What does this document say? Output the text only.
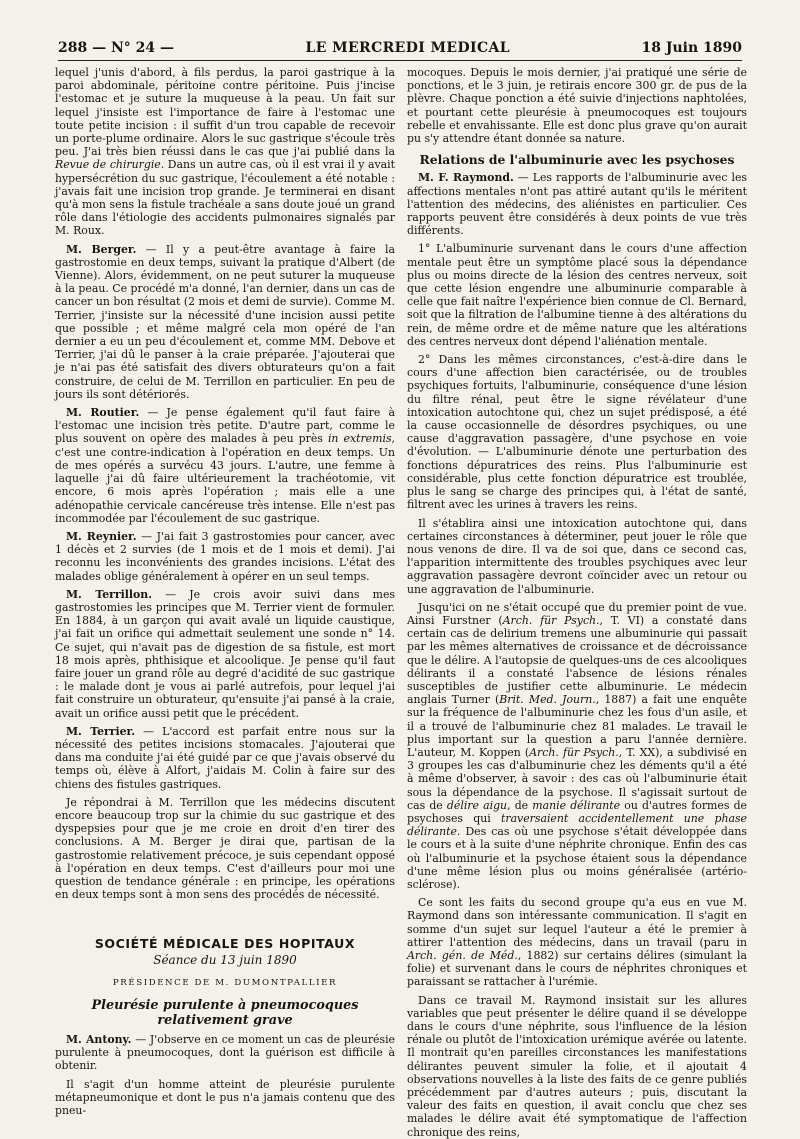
288 — N° 24 —	LE MERCREDI MEDICAL	18 Juin 1890

lequel j'unis d'abord, à fils perdus, la paroi gastrique à la paroi abdominale, péritoine contre péritoine. Puis j'incise l'estomac et je suture la muqueuse à la peau. Un fait sur lequel j'insiste est l'importance de faire à l'estomac une toute petite incision : il suffit d'un trou capable de recevoir un porte-plume ordinaire. Alors le suc gastrique s'écoule très peu. J'ai très bien réussi dans le cas que j'ai publié dans la Revue de chirurgie. Dans un autre cas, où il est vrai il y avait hypersécrétion du suc gastrique, l'écoulement a été notable : j'avais fait une incision trop grande. Je terminerai en disant qu'à mon sens la fistule trachéale a sans doute joué un grand rôle dans l'étiologie des accidents pulmonaires signalés par M. Roux.

M. Berger. — Il y a peut-être avantage à faire la gastrostomie en deux temps, suivant la pratique d'Albert (de Vienne). Alors, évidemment, on ne peut suturer la muqueuse à la peau. Ce procédé m'a donné, l'an dernier, dans un cas de cancer un bon résultat (2 mois et demi de survie). Comme M. Terrier, j'insiste sur la nécessité d'une incision aussi petite que possible ; et même malgré cela mon opéré de l'an dernier a eu un peu d'écoulement et, comme MM. Debove et Terrier, j'ai dû le panser à la craie préparée. J'ajouterai que je n'ai pas été satisfait des divers obturateurs qu'on a fait construire, de celui de M. Terrillon en particulier. En peu de jours ils sont détériorés.

M. Routier. — Je pense également qu'il faut faire à l'estomac une incision très petite. D'autre part, comme le plus souvent on opère des malades à peu près in extremis, c'est une contre-indication à l'opération en deux temps. Un de mes opérés a survécu 43 jours. L'autre, une femme à laquelle j'ai dû faire ultérieurement la trachéotomie, vit encore, 6 mois après l'opération ; mais elle a une adénopathie cervicale cancéreuse très intense. Elle n'est pas incommodée par l'écoulement de suc gastrique.

M. Reynier. — J'ai fait 3 gastrostomies pour cancer, avec 1 décès et 2 survies (de 1 mois et de 1 mois et demi). J'ai reconnu les inconvénients des grandes incisions. L'état des malades oblige généralement à opérer en un seul temps.

M. Terrillon. — Je crois avoir suivi dans mes gastrostomies les principes que M. Terrier vient de formuler. En 1884, à un garçon qui avait avalé un liquide caustique, j'ai fait un orifice qui admettait seulement une sonde n° 14. Ce sujet, qui n'avait pas de digestion de sa fistule, est mort 18 mois après, phthisique et alcoolique. Je pense qu'il faut faire jouer un grand rôle au degré d'acidité de suc gastrique : le malade dont je vous ai parlé autrefois, pour lequel j'ai fait construire un obturateur, qu'ensuite j'ai pansé à la craie, avait un orifice aussi petit que le précédent.

M. Terrier. — L'accord est parfait entre nous sur la nécessité des petites incisions stomacales. J'ajouterai que dans ma conduite j'ai été guidé par ce que j'avais observé du temps où, élève à Alfort, j'aidais M. Colin à faire sur des chiens des fistules gastriques.

Je répondrai à M. Terrillon que les médecins discutent encore beaucoup trop sur la chimie du suc gastrique et des dyspepsies pour que je me croie en droit d'en tirer des conclusions. A M. Berger je dirai que, partisan de la gastrostomie relativement précoce, je suis cependant opposé à l'opération en deux temps. C'est d'ailleurs pour moi une question de tendance générale : en principe, les opérations en deux temps sont à mon sens des procédés de nécessité.

SOCIÉTÉ MÉDICALE DES HOPITAUX
Séance du 13 juin 1890
PRÉSIDENCE DE M. DUMONTPALLIER
Pleurésie purulente à pneumocoques relativement grave

M. Antony. — J'observe en ce moment un cas de pleurésie purulente à pneumocoques, dont la guérison est difficile à obtenir.

Il s'agit d'un homme atteint de pleurésie purulente métapneumonique et dont le pus n'a jamais contenu que des pneu-

mocoques. Depuis le mois dernier, j'ai pratiqué une série de ponctions, et le 3 juin, je retirais encore 300 gr. de pus de la plèvre. Chaque ponction a été suivie d'injections naphtolées, et pourtant cette pleurésie à pneumocoques est toujours rebelle et envahissante. Elle est donc plus grave qu'on aurait pu s'y attendre étant donnée sa nature.

Relations de l'albuminurie avec les psychoses

M. F. Raymond. — Les rapports de l'albuminurie avec les affections mentales n'ont pas attiré autant qu'ils le méritent l'attention des médecins, des aliénistes en particulier. Ces rapports peuvent être considérés à deux points de vue très différents.

1° L'albuminurie survenant dans le cours d'une affection mentale peut être un symptôme placé sous la dépendance plus ou moins directe de la lésion des centres nerveux, soit que cette lésion engendre une albuminurie comparable à celle que fait naître l'expérience bien connue de Cl. Bernard, soit que la filtration de l'albumine tienne à des altérations du rein, de même ordre et de même nature que les altérations des centres nerveux dont dépend l'aliénation mentale.

2° Dans les mêmes circonstances, c'est-à-dire dans le cours d'une affection bien caractérisée, ou de troubles psychiques fortuits, l'albuminurie, conséquence d'une lésion du filtre rénal, peut être le signe révélateur d'une intoxication autochtone qui, chez un sujet prédisposé, a été la cause occasionnelle de désordres psychiques, ou une cause d'aggravation passagère, d'une psychose en voie d'évolution. — L'albuminurie dénote une perturbation des fonctions dépuratrices des reins. Plus l'albuminurie est considérable, plus cette fonction dépuratrice est troublée, plus le sang se charge des principes qui, à l'état de santé, filtrent avec les urines à travers les reins.

Il s'établira ainsi une intoxication autochtone qui, dans certaines circonstances à déterminer, peut jouer le rôle que nous venons de dire. Il va de soi que, dans ce second cas, l'apparition intermittente des troubles psychiques avec leur aggravation passagère devront coïncider avec un retour ou une aggravation de l'albuminurie.

Jusqu'ici on ne s'était occupé que du premier point de vue. Ainsi Furstner (Arch. für Psych., T. VI) a constaté dans certain cas de delirium tremens une albuminurie qui passait par les mêmes alternatives de croissance et de décroissance que le délire. A l'autopsie de quelques-uns de ces alcooliques délirants il a constaté l'absence de lésions rénales susceptibles de justifier cette albuminurie. Le médecin anglais Turner (Brit. Med. Journ., 1887) a fait une enquête sur la fréquence de l'albuminurie chez les fous d'un asile, et il a trouvé de l'albuminurie chez 81 malades. Le travail le plus important sur la question a paru l'année dernière. L'auteur, M. Koppen (Arch. für Psych., T. XX), a subdivisé en 3 groupes les cas d'albuminurie chez les déments qu'il a été à même d'observer, à savoir : des cas où l'albuminurie était sous la dépendance de la psychose. Il s'agissait surtout de cas de délire aigu, de manie délirante ou d'autres formes de psychoses qui traversaient accidentellement une phase délirante. Des cas où une psychose s'était développée dans le cours et à la suite d'une néphrite chronique. Enfin des cas où l'albuminurie et la psychose étaient sous la dépendance d'une même lésion plus ou moins généralisée (artério-sclérose).

Ce sont les faits du second groupe qu'a eus en vue M. Raymond dans son intéressante communication. Il s'agit en somme d'un sujet sur lequel l'auteur a été le premier à attirer l'attention des médecins, dans un travail (paru in Arch. gén. de Méd., 1882) sur certains délires (simulant la folie) et survenant dans le cours de néphrites chroniques et paraissant se rattacher à l'urémie.

Dans ce travail M. Raymond insistait sur les allures variables que peut présenter le délire quand il se développe dans le cours d'une néphrite, sous l'influence de la lésion rénale ou plutôt de l'intoxication urémique avérée ou latente. Il montrait qu'en pareilles circonstances les manifestations délirantes peuvent simuler la folie, et il ajoutait 4 observations nouvelles à la liste des faits de ce genre publiés précédemment par d'autres auteurs ; puis, discutant la valeur des faits en question, il avait conclu que chez ses malades le délire avait été symptomatique de l'affection chronique des reins,
